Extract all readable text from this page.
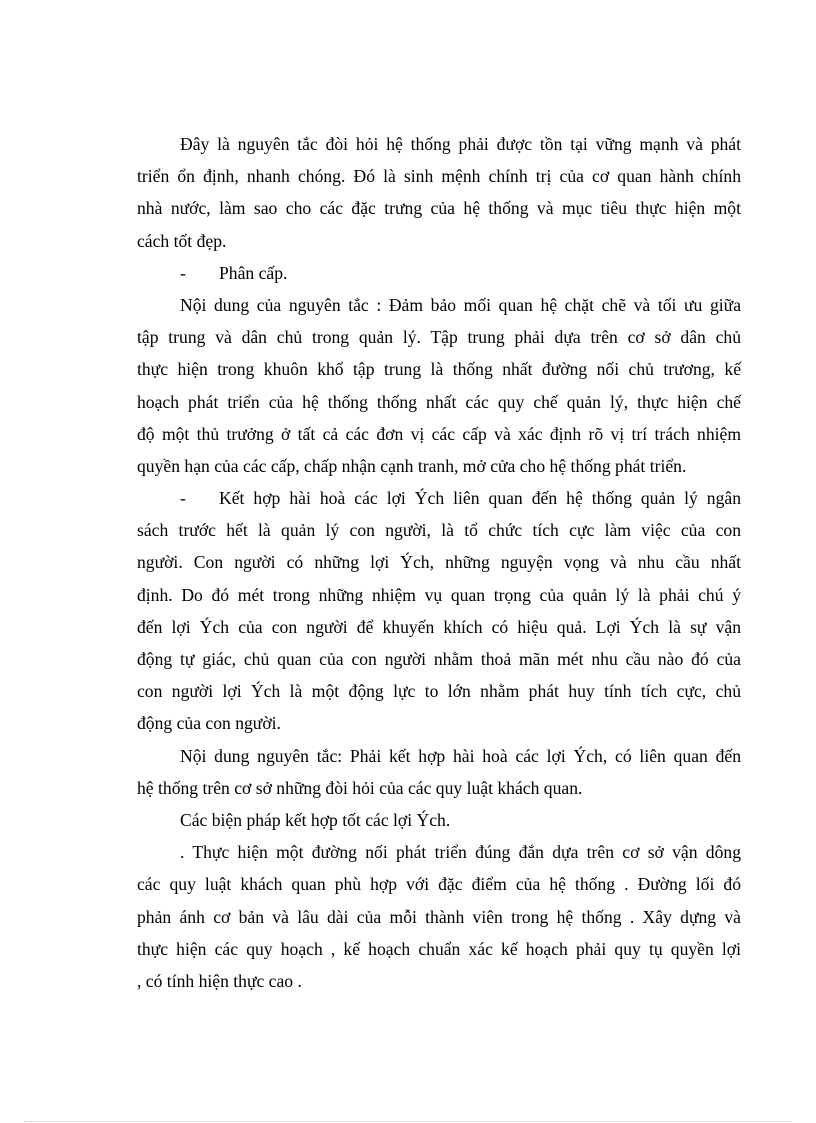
Đây là nguyên tắc đòi hỏi hệ thống phải được tồn tại vững mạnh và phát
triển ổn định, nhanh chóng. Đó là sinh mệnh chính trị của cơ quan hành chính
nhà nước, làm sao cho các đặc trưng của hệ thống và mục tiêu thực hiện một
cách tốt đẹp.
- Phân cấp.
Nội dung của nguyên tắc : Đảm bảo mối quan hệ chặt chẽ và tối ưu giữa
tập trung và dân chủ trong quản lý. Tập trung phải dựa trên cơ sở dân chủ
thực hiện trong khuôn khổ tập trung là thống nhất đường nối chủ trương, kế
hoạch phát triển của hệ thống thống nhất các quy chế quản lý, thực hiện chế
độ một thủ trưởng ở tất cả các đơn vị các cấp và xác định rõ vị trí trách nhiệm
quyền hạn của các cấp, chấp nhận cạnh tranh, mở cửa cho hệ thống phát triển.
- Kết hợp hài hoà các lợi Ých liên quan đến hệ thống quản lý ngân
sách trước hết là quản lý con người, là tổ chức tích cực làm việc của con
người. Con người có những lợi Ých, những nguyện vọng và nhu cầu nhất
định. Do đó mét trong những nhiệm vụ quan trọng của quản lý là phải chú ý
đến lợi Ých của con người để khuyến khích có hiệu quả. Lợi Ých là sự vận
động tự giác, chủ quan của con người nhằm thoả mãn mét nhu cầu nào đó của
con người lợi Ých là một động lực to lớn nhằm phát huy tính tích cực, chủ
động của con người.
Nội dung nguyên tắc: Phải kết hợp hài hoà các lợi Ých, có liên quan đến
hệ thống trên cơ sở những đòi hỏi của các quy luật khách quan.
Các biện pháp kết hợp tốt các lợi Ých.
. Thực hiện một đường nối phát triển đúng đắn dựa trên cơ sở vận dông
các quy luật khách quan phù hợp với đặc điểm của hệ thống . Đường lối đó
phản ánh cơ bản và lâu dài của mỗi thành viên trong hệ thống . Xây dựng và
thực hiện các quy hoạch , kế hoạch chuẩn xác kế hoạch phải quy tụ quyền lợi
, có tính hiện thực cao .
